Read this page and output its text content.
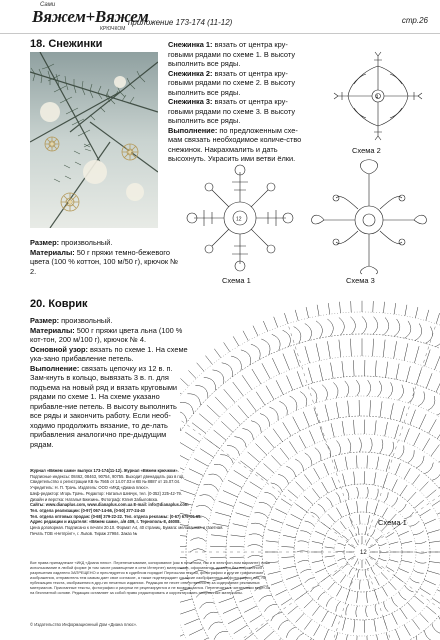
Сами
Вяжем+Вяжем
КРЮЧКОМ
приложение 173-174 (11-12)	стр.26
18. Снежинки	Снежинка 1: вязать от центра кру-говыми рядами по схеме 1. В высоту выполнить все ряды.

Снежинка 2: вязать от центра кру-говыми рядами по схеме 2. В высоту выполнить все ряды.

Снежинка 3: вязать от центра кру-говыми рядами по схеме 3. В высоту выполнить все ряды.

Выполнение: по предложенным схе-мам связать необходимое количе-ство снежинок. Накрахмалить и дать высохнуть. Украсить ими ветви ёлки.

Размер: произвольный.

Материалы: 50 г пряжи темно-бежевого цвета (100 % коттон, 100 м/50 г), крючок № 2.

4
Схема 2
12
Схема 1	Схема 3
20. Коврик

Размер: произвольный.

Материалы: 500 г пряжи цвета льна (100 % кот-тон, 200 м/100 г), крючок № 4.

Основной узор: вязать по схеме 1. На схеме ука-зано прибавление петель.

Выполнение: связать цепочку из 12 в. п. Зам-кнуть в кольцо, вывязать 3 в. п. для подъема на новый ряд и вязать круговыми рядами по схеме 1. На схеме указано прибавле-ние петель. В высоту выполнить все ряды и закончить работу. Если необ-ходимо продолжить вязание, то де-лать прибавления аналогично пре-дыдущим рядам.

12
Схема 1

Журнал «Вяжем сами» выпуск 173-174(11-12). Журнал «Вяжем крючком».

Подписные индексы: 08462, 08463, 90754, 90755. Выходит двенадцать раз в год.

Свидетельство о регистрации КВ № 7565 от 14.07.03 и КВ № 8887 от 15.07.04.

Учредитель: Н. П. Трачь. Издатель: ООО «ИКД «Диана плюс».

Шеф-редактор: Игорь Трачь. Редактор: Наталья Шевчук, тел. (0-352) 225-42-79.

Дизайн и верстка: Наталья Бжезинь. Фотограф: Юлия Забыловска.

Сайты: www.dianaplus.com, www.dianaplus.com.ua E-mail: info@dianaplus.com

Тел. отдела реализации: (0-97) 067-14-66, (0-50) 377-24-40

Тел. отдела оптовых продаж: (0-68) 379-22-22. Тел. отдела рекламы: (0-67) 679-06-65.

Адрес редакции и издателя: «Вяжем сами», а/я 409, г. Тернополь-8, 46008.

Цена договорная. Подписано к печати 20.10. Формат А4, 40 страниц. Бумага: мелованная и газетная.

Печать ТОВ «Нетпрінт», г. Львов. Тираж 27984. Заказ №

Все права принадлежат «ИКД «Диана плюс». Перепечатывание, копирование (как в печатном, так и в электрон-ном варианте) либо использование в любой форме (в том числе размещение в сети Интернет) материалов, оформления, дизайна без письменного разрешения издателя ЗАПРЕЩЕНО и преследуется в судебном порядке! Пересылая тексты, фотографии и другие графические изображения, отправитель тем самым дает свое согласие, а также подтверждает согласие изображенных на фотографии лиц, на публикацию текста, изображения в дру-гих печатных изданиях. Редакция не несет ответственности за содержание рекламных материалов. Присланные тексты, фотографии и рисунки не рецензируются и не возвращаются. Перепечатка с читателями ведет-ся на бесплатной основе. Редакция оставляет за собой право редактировать и корректировать полученные материалы.
© Издательство Информационный Дом «Диана плюс».
